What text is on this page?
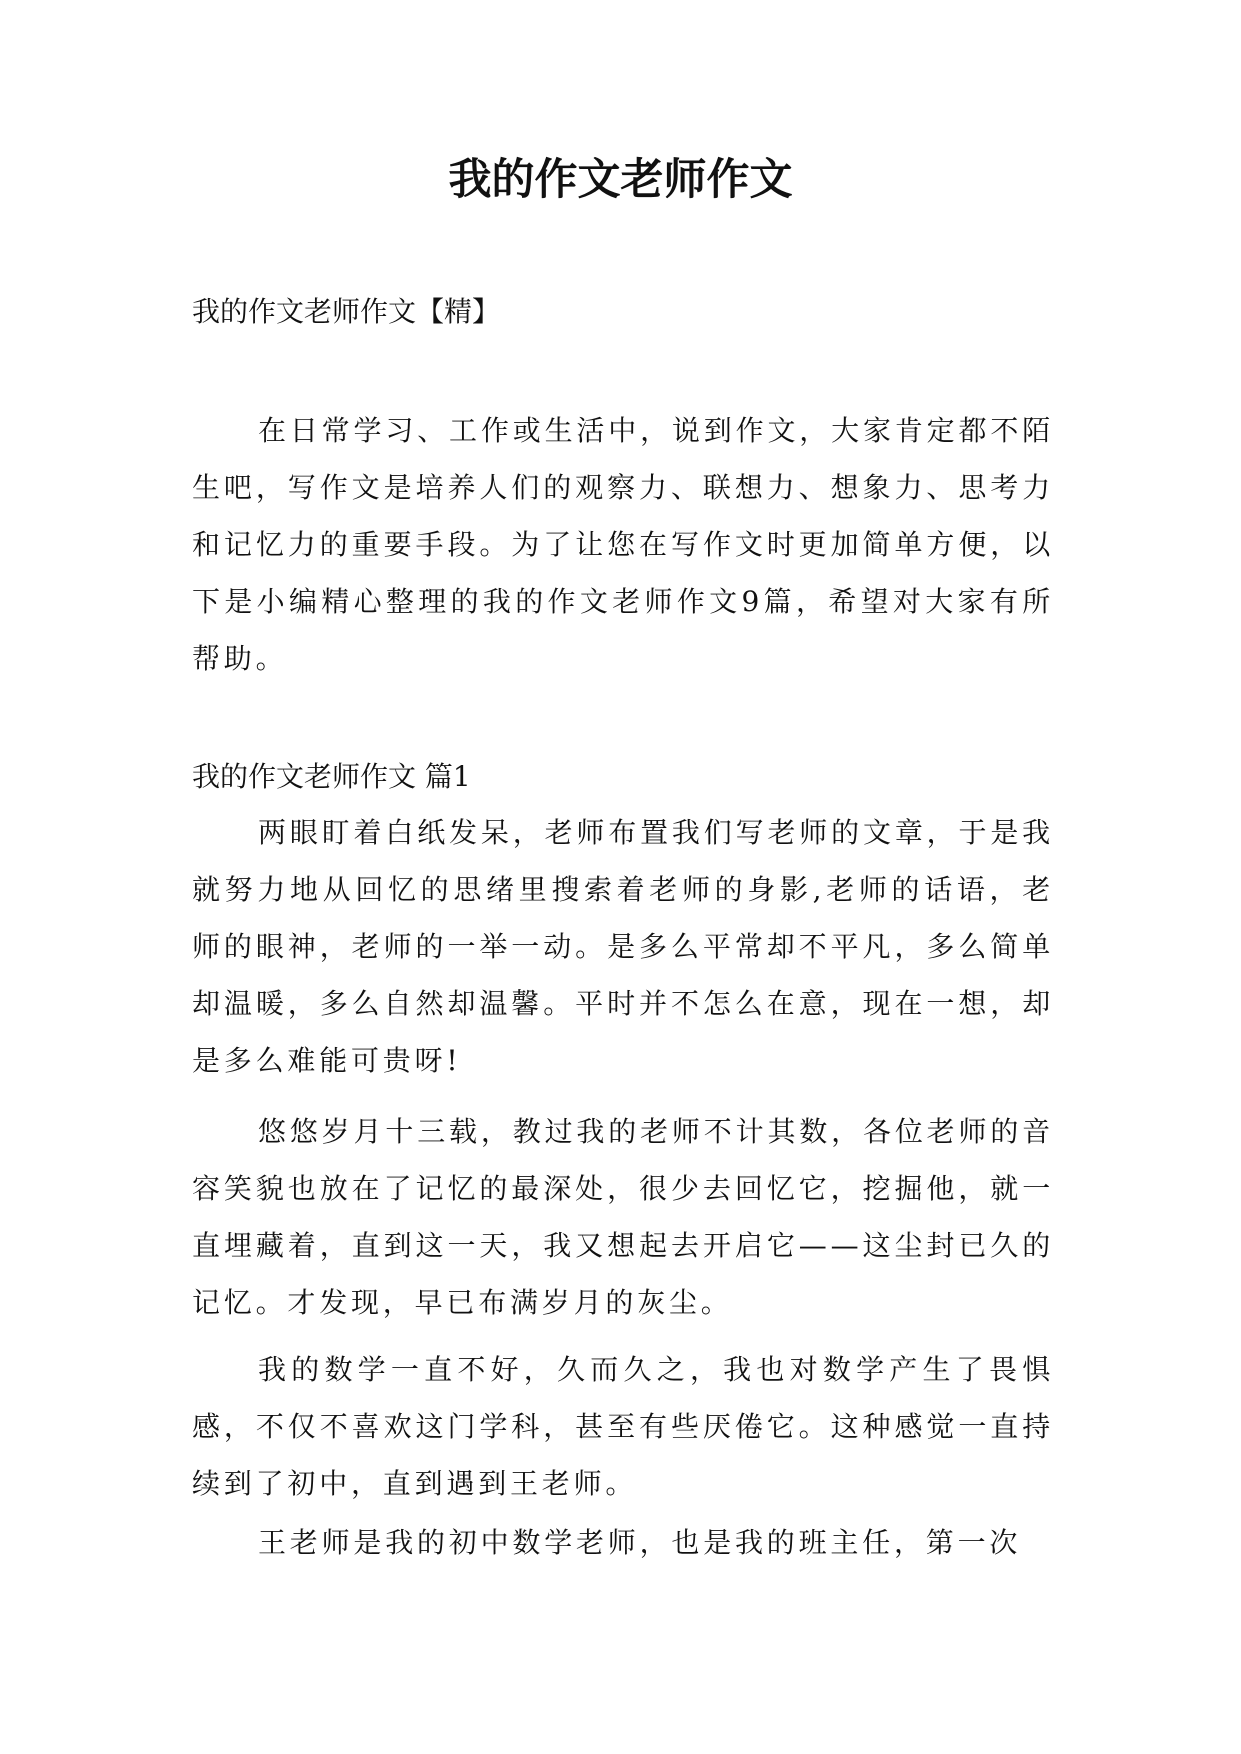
我的作文老师作文

我的作文老师作文【精】

在日常学习、工作或生活中，说到作文，大家肯定都不陌生吧，写作文是培养人们的观察力、联想力、想象力、思考力和记忆力的重要手段。为了让您在写作文时更加简单方便，以下是小编精心整理的我的作文老师作文9篇，希望对大家有所帮助。

我的作文老师作文 篇1

两眼盯着白纸发呆，老师布置我们写老师的文章，于是我就努力地从回忆的思绪里搜索着老师的身影,老师的话语，老师的眼神，老师的一举一动。是多么平常却不平凡，多么简单却温暖，多么自然却温馨。平时并不怎么在意，现在一想，却是多么难能可贵呀!

悠悠岁月十三载，教过我的老师不计其数，各位老师的音容笑貌也放在了记忆的最深处，很少去回忆它，挖掘他，就一直埋藏着，直到这一天，我又想起去开启它——这尘封已久的记忆。才发现，早已布满岁月的灰尘。

我的数学一直不好，久而久之，我也对数学产生了畏惧感，不仅不喜欢这门学科，甚至有些厌倦它。这种感觉一直持续到了初中，直到遇到王老师。

王老师是我的初中数学老师，也是我的班主任，第一次
